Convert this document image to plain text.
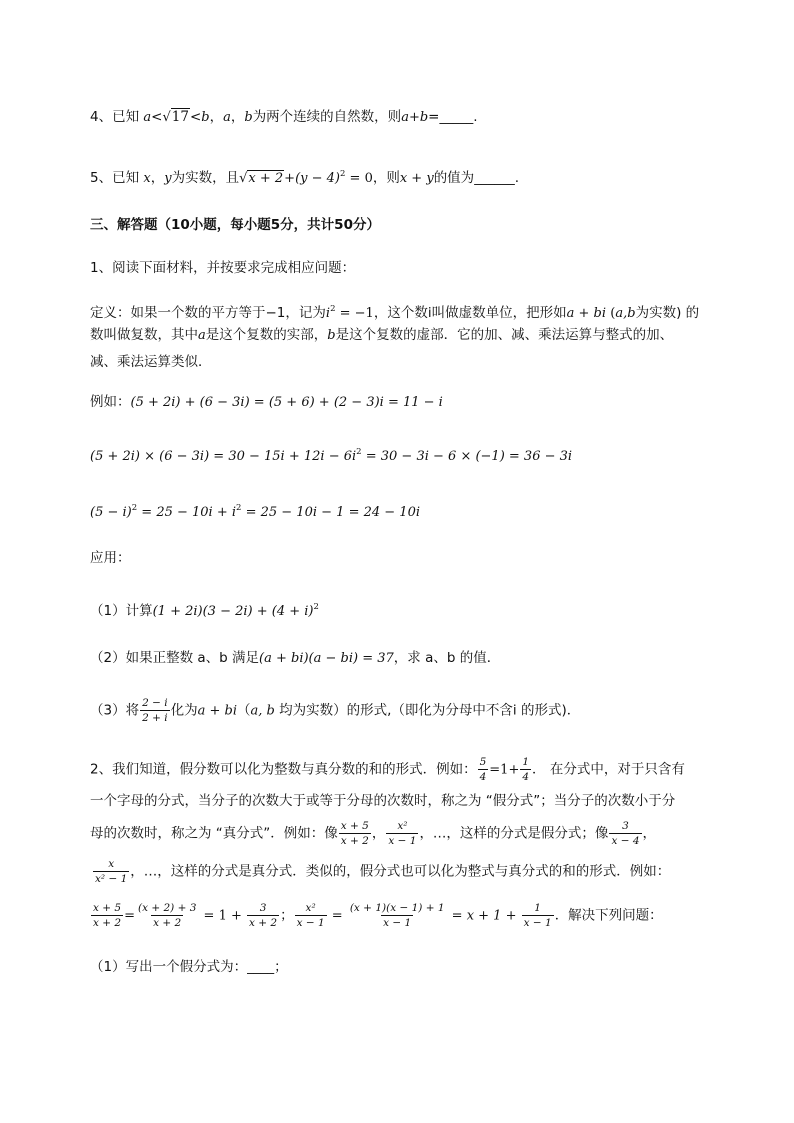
4、已知 a<√17<b，a，b为两个连续的自然数，则a+b=_____.
5、已知 x，y为实数，且$√x + 2+(y - 4)^2 = 0$，则x + y的值为______.
三、解答题（10小题，每小题5分，共计50分）
1、阅读下面材料，并按要求完成相应问题：
定义：如果一个数的平方等于−1，记为$i^2 = -1$，这个数i叫做虚数单位，把形如a + bi (a,b为实数) 的
数叫做复数，其中a是这个复数的实部，b是这个复数的虚部．它的加、减、乘法运算与整式的加、
减、乘法运算类似．
例如：(5 + 2i) + (6 − 3i) = (5 + 6) + (2 − 3)i = 11 − i
$(5 + 2i) \times (6 - 3i) = 30 - 15i + 12i - 6i^2 = 30 - 3i - 6 \times (-1) = 36 - 3i$
$(5 - i)^2 = 25 - 10i + i^2 = 25 - 10i - 1 = 24 - 10i$
应用：
（1）计算$(1 + 2i)(3 - 2i) + (4 + i)^2$
（2）如果正整数 a、b 满足(a + bi)(a − bi) = 37，求 a、b 的值．
（3）将 $\frac{2 - i}{2 + i}$ 化为a + bi（a, b 均为实数）的形式,（即化为分母中不含i 的形式)．
2、我们知道，假分数可以化为整数与真分数的和的形式．例如： $\frac{5}{4} =1+ \frac{1}{4}$ ． 在分式中，对于只含有
一个字母的分式，当分子的次数大于或等于分母的次数时，称之为 “假分式”；当分子的次数小于分
母的次数时，称之为 “真分式”．例如：像 $\frac{x + 5}{x + 2}$ ， $\frac{\text{x²}}{x - 1}$ ，…，这样的分式是假分式；像 $\frac{3}{x - 4}$ ，
$\frac{x}{\text{x² − 1}}$ ，…，这样的分式是真分式．类似的，假分式也可以化为整式与真分式的和的形式．例如：
$\frac{x + 5}{x + 2} = \frac{(x + 2) + 3}{x + 2} = 1 + \frac{3}{x + 2}$ ； $\frac{\text{x²}}{x - 1} = \frac{(x + 1)(x - 1) + 1}{x - 1} = x + 1 + \frac{1}{x - 1}$ ．解决下列问题：
（1）写出一个假分式为：____；
